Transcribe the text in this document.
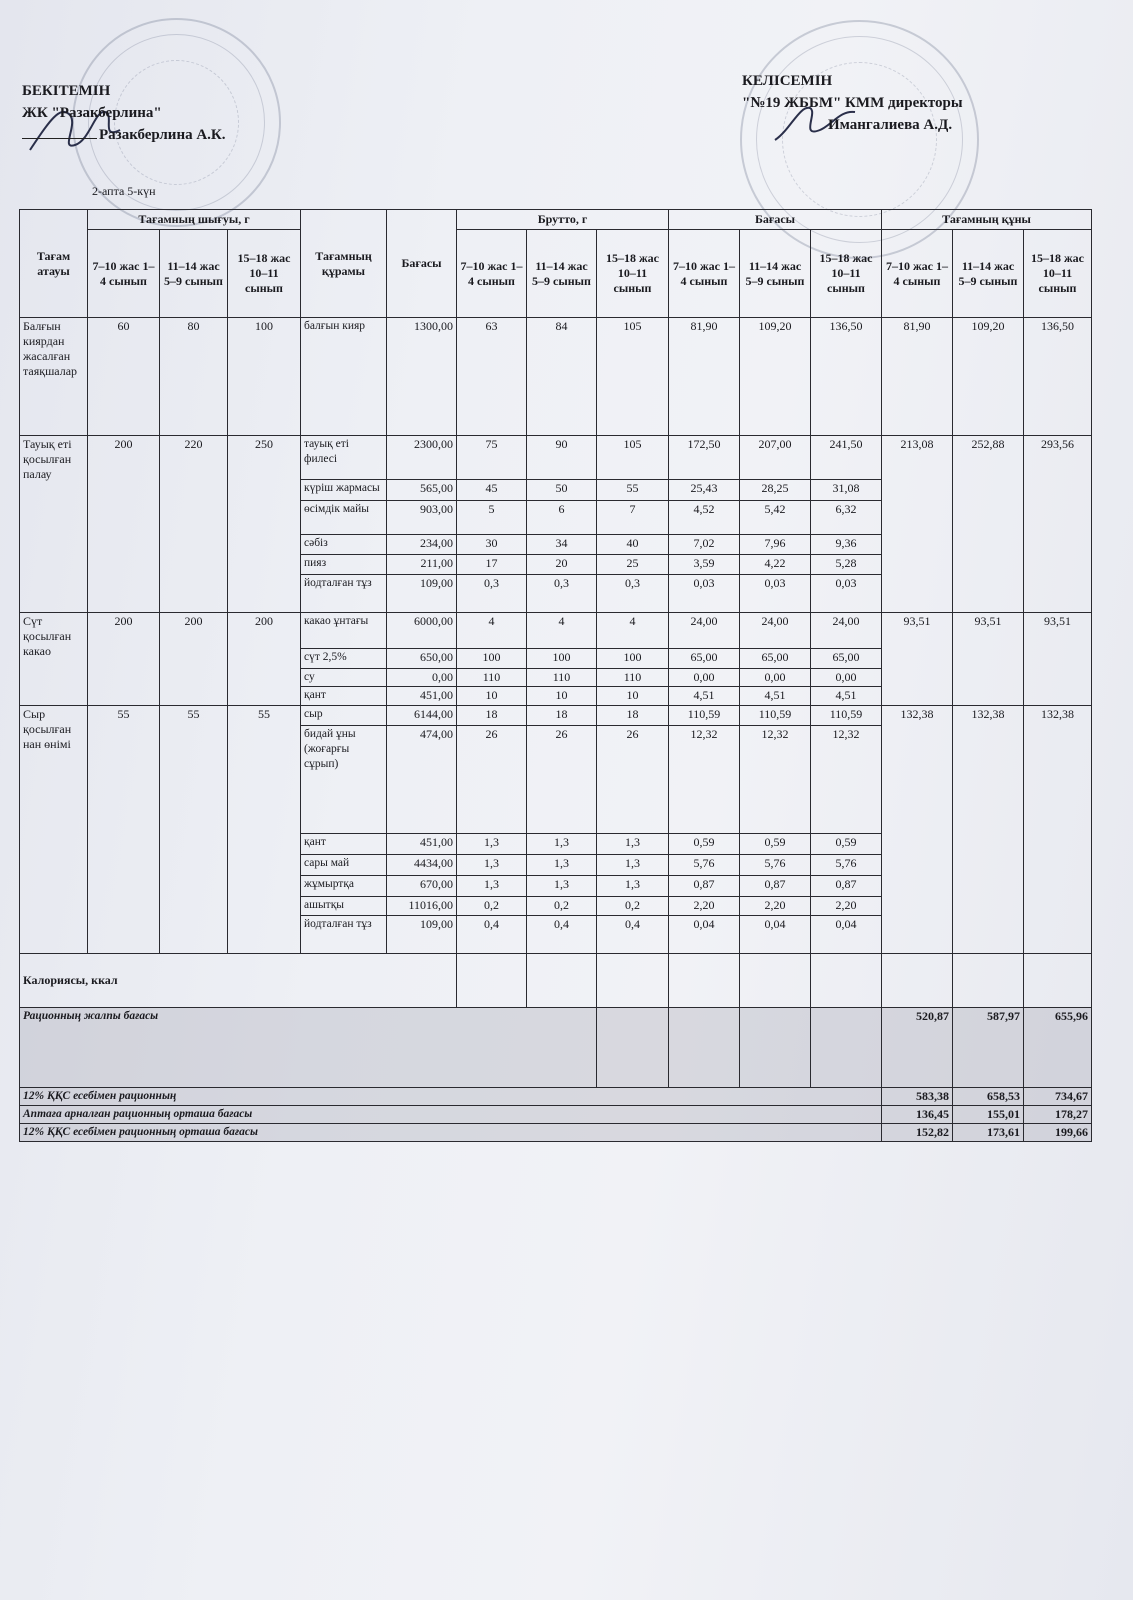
БЕКІТЕМІН
ЖК "Разакберлина"
Разакберлина А.К.
2-апта 5-күн
КЕЛІСЕМІН
"№19 ЖББМ" КММ директоры
Имангалиева А.Д.
Тағам атауы	Тағамның шығуы, г			Тағамның құрамы	Бағасы	Брутто, г			Бағасы			Тағамның құны		
	7–10 жас 1–4 сынып	11–14 жас 5–9 сынып	15–18 жас 10–11 сынып			7–10 жас 1–4 сынып	11–14 жас 5–9 сынып	15–18 жас 10–11 сынып	7–10 жас 1–4 сынып	11–14 жас 5–9 сынып	15–18 жас 10–11 сынып	7–10 жас 1–4 сынып	11–14 жас 5–9 сынып	15–18 жас 10–11 сынып
Балғын киярдан жасалған таяқшалар	60	80	100	балғын кияр	1300,00	63	84	105	81,90	109,20	136,50	81,90	109,20	136,50
Тауық еті қосылған палау	200	220	250	тауық еті филесі	2300,00	75	90	105	172,50	207,00	241,50	213,08	252,88	293,56
				күріш жармасы	565,00	45	50	55	25,43	28,25	31,08			
				өсімдік майы	903,00	5	6	7	4,52	5,42	6,32			
				сәбіз	234,00	30	34	40	7,02	7,96	9,36			
				пияз	211,00	17	20	25	3,59	4,22	5,28			
				йодталған тұз	109,00	0,3	0,3	0,3	0,03	0,03	0,03			
Сүт қосылған какао	200	200	200	какао ұнтағы	6000,00	4	4	4	24,00	24,00	24,00	93,51	93,51	93,51
				сүт 2,5%	650,00	100	100	100	65,00	65,00	65,00			
				су	0,00	110	110	110	0,00	0,00	0,00			
				қант	451,00	10	10	10	4,51	4,51	4,51			
Сыр қосылған нан өнімі	55	55	55	сыр	6144,00	18	18	18	110,59	110,59	110,59	132,38	132,38	132,38
				бидай ұны (жоғарғы сұрып)	474,00	26	26	26	12,32	12,32	12,32			
				қант	451,00	1,3	1,3	1,3	0,59	0,59	0,59			
				сары май	4434,00	1,3	1,3	1,3	5,76	5,76	5,76			
				жұмыртқа	670,00	1,3	1,3	1,3	0,87	0,87	0,87			
				ашытқы	11016,00	0,2	0,2	0,2	2,20	2,20	2,20			
				йодталған тұз	109,00	0,4	0,4	0,4	0,04	0,04	0,04			
Калориясы, ккал														
Рационның жалпы бағасы												520,87	587,97	655,96
12% ҚҚС есебімен рационның												583,38	658,53	734,67
Аптаға арналған рационның орташа бағасы												136,45	155,01	178,27
12% ҚҚС есебімен рационның орташа бағасы												152,82	173,61	199,66
